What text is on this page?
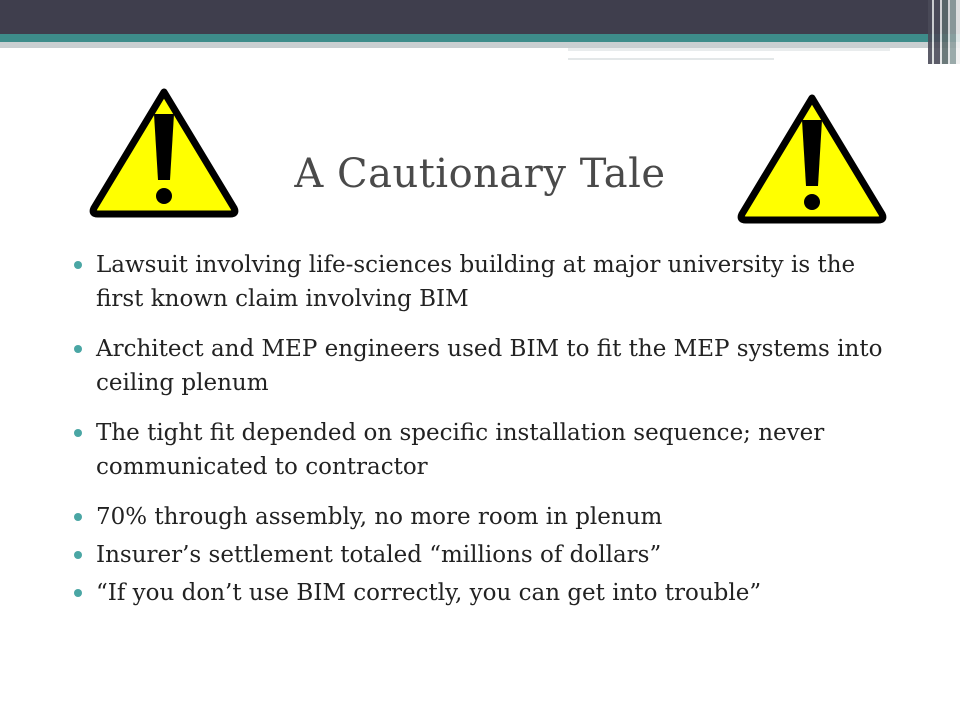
A Cautionary Tale
Lawsuit involving life-sciences building at major university is the first known claim involving BIM
Architect and MEP engineers used BIM to fit the MEP systems into ceiling plenum
The tight fit depended on specific installation sequence; never communicated to contractor
70% through assembly, no more room in plenum
Insurer’s settlement totaled “millions of dollars”
“If you don’t use BIM correctly, you can get into trouble”
